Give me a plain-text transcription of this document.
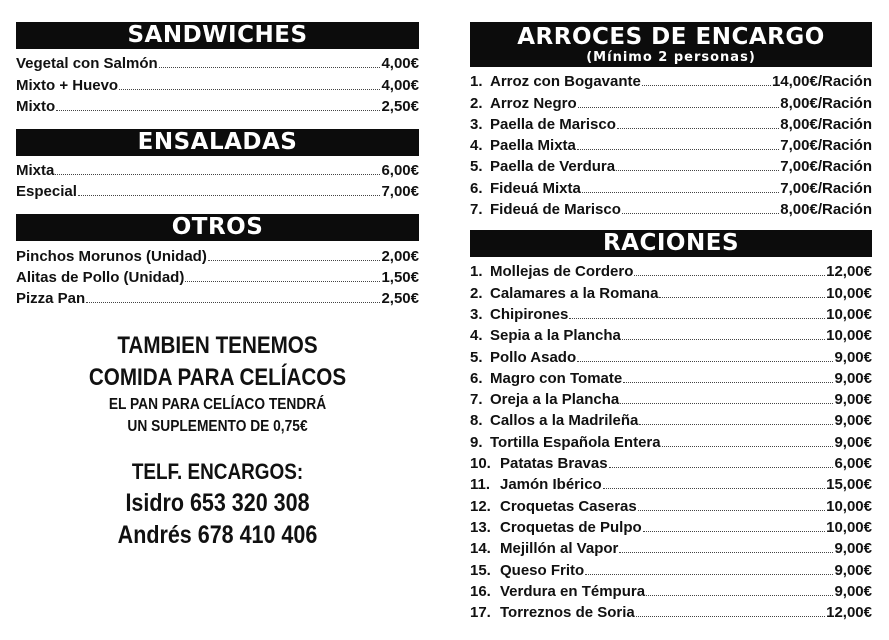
SANDWICHES
Vegetal con Salmón	4,00€
Mixto + Huevo	4,00€
Mixto	2,50€
ENSALADAS
Mixta	6,00€
Especial	7,00€
OTROS
Pinchos Morunos (Unidad)	2,00€
Alitas de Pollo (Unidad)	1,50€
Pizza Pan	2,50€
TAMBIEN TENEMOS
COMIDA PARA CELÍACOS
EL PAN PARA CELÍACO TENDRÁ
UN SUPLEMENTO DE 0,75€
TELF. ENCARGOS:
Isidro 653 320 308
Andrés 678 410 406
ARROCES DE ENCARGO
(Mínimo 2 personas)
1. Arroz con Bogavante	14,00€/Ración
2. Arroz Negro	8,00€/Ración
3. Paella de Marisco	8,00€/Ración
4. Paella Mixta	7,00€/Ración
5. Paella de Verdura	7,00€/Ración
6. Fideuá Mixta	7,00€/Ración
7. Fideuá de Marisco	8,00€/Ración
RACIONES
1. Mollejas de Cordero	12,00€
2. Calamares a la Romana	10,00€
3. Chipirones	10,00€
4. Sepia a la Plancha	10,00€
5. Pollo Asado	9,00€
6. Magro con Tomate	9,00€
7. Oreja a la Plancha	9,00€
8. Callos a la Madrileña	9,00€
9. Tortilla Española Entera	9,00€
10. Patatas Bravas	6,00€
11. Jamón Ibérico	15,00€
12. Croquetas Caseras	10,00€
13. Croquetas de Pulpo	10,00€
14. Mejillón al Vapor	9,00€
15. Queso Frito	9,00€
16. Verdura en Témpura	9,00€
17. Torreznos de Soria	12,00€
